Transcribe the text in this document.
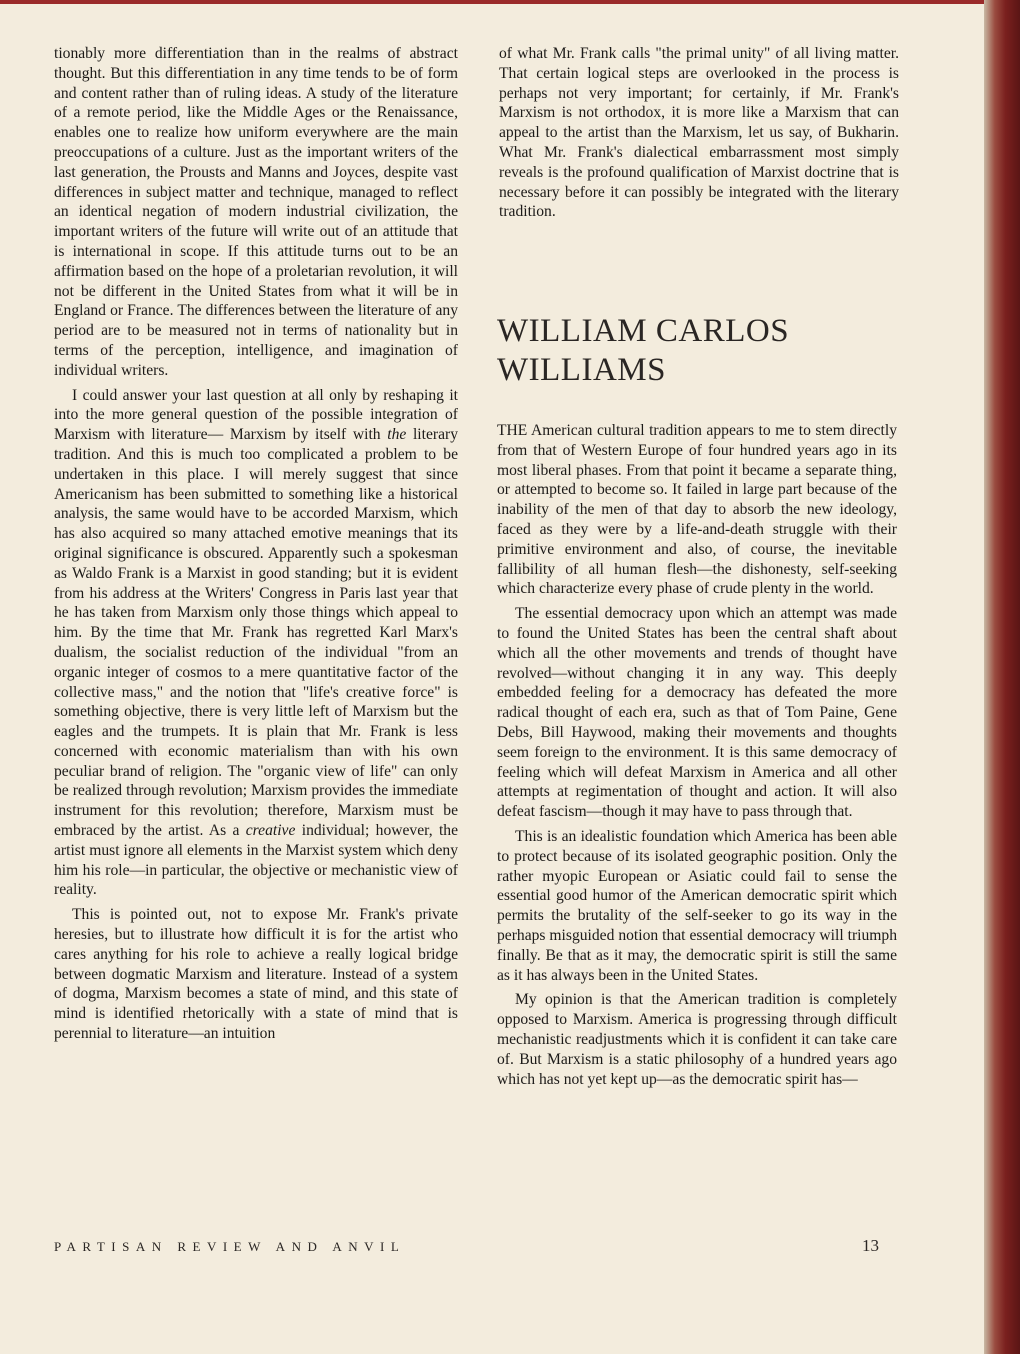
tionably more differentiation than in the realms of abstract thought. But this differentiation in any time tends to be of form and content rather than of ruling ideas. A study of the literature of a remote period, like the Middle Ages or the Renaissance, enables one to realize how uniform everywhere are the main preoccupations of a culture. Just as the important writers of the last generation, the Prousts and Manns and Joyces, despite vast differences in subject matter and technique, managed to reflect an identical negation of modern industrial civilization, the important writers of the future will write out of an attitude that is international in scope. If this attitude turns out to be an affirmation based on the hope of a proletarian revolution, it will not be different in the United States from what it will be in England or France. The differences between the literature of any period are to be measured not in terms of nationality but in terms of the perception, intelligence, and imagination of individual writers.

I could answer your last question at all only by reshaping it into the more general question of the possible integration of Marxism with literature— Marxism by itself with the literary tradition. And this is much too complicated a problem to be undertaken in this place. I will merely suggest that since Americanism has been submitted to something like a historical analysis, the same would have to be accorded Marxism, which has also acquired so many attached emotive meanings that its original significance is obscured. Apparently such a spokesman as Waldo Frank is a Marxist in good standing; but it is evident from his address at the Writers' Congress in Paris last year that he has taken from Marxism only those things which appeal to him. By the time that Mr. Frank has regretted Karl Marx's dualism, the socialist reduction of the individual "from an organic integer of cosmos to a mere quantitative factor of the collective mass," and the notion that "life's creative force" is something objective, there is very little left of Marxism but the eagles and the trumpets. It is plain that Mr. Frank is less concerned with economic materialism than with his own peculiar brand of religion. The "organic view of life" can only be realized through revolution; Marxism provides the immediate instrument for this revolution; therefore, Marxism must be embraced by the artist. As a creative individual; however, the artist must ignore all elements in the Marxist system which deny him his role—in particular, the objective or mechanistic view of reality.

This is pointed out, not to expose Mr. Frank's private heresies, but to illustrate how difficult it is for the artist who cares anything for his role to achieve a really logical bridge between dogmatic Marxism and literature. Instead of a system of dogma, Marxism becomes a state of mind, and this state of mind is identified rhetorically with a state of mind that is perennial to literature—an intuition

of what Mr. Frank calls "the primal unity" of all living matter. That certain logical steps are overlooked in the process is perhaps not very important; for certainly, if Mr. Frank's Marxism is not orthodox, it is more like a Marxism that can appeal to the artist than the Marxism, let us say, of Bukharin. What Mr. Frank's dialectical embarrassment most simply reveals is the profound qualification of Marxist doctrine that is necessary before it can possibly be integrated with the literary tradition.

WILLIAM CARLOS
WILLIAMS

THE American cultural tradition appears to me to stem directly from that of Western Europe of four hundred years ago in its most liberal phases. From that point it became a separate thing, or attempted to become so. It failed in large part because of the inability of the men of that day to absorb the new ideology, faced as they were by a life-and-death struggle with their primitive environment and also, of course, the inevitable fallibility of all human flesh—the dishonesty, self-seeking which characterize every phase of crude plenty in the world.

The essential democracy upon which an attempt was made to found the United States has been the central shaft about which all the other movements and trends of thought have revolved—without changing it in any way. This deeply embedded feeling for a democracy has defeated the more radical thought of each era, such as that of Tom Paine, Gene Debs, Bill Haywood, making their movements and thoughts seem foreign to the environment. It is this same democracy of feeling which will defeat Marxism in America and all other attempts at regimentation of thought and action. It will also defeat fascism—though it may have to pass through that.

This is an idealistic foundation which America has been able to protect because of its isolated geographic position. Only the rather myopic European or Asiatic could fail to sense the essential good humor of the American democratic spirit which permits the brutality of the self-seeker to go its way in the perhaps misguided notion that essential democracy will triumph finally. Be that as it may, the democratic spirit is still the same as it has always been in the United States.

My opinion is that the American tradition is completely opposed to Marxism. America is progressing through difficult mechanistic readjustments which it is confident it can take care of. But Marxism is a static philosophy of a hundred years ago which has not yet kept up—as the democratic spirit has—

PARTISAN REVIEW AND ANVIL	13
